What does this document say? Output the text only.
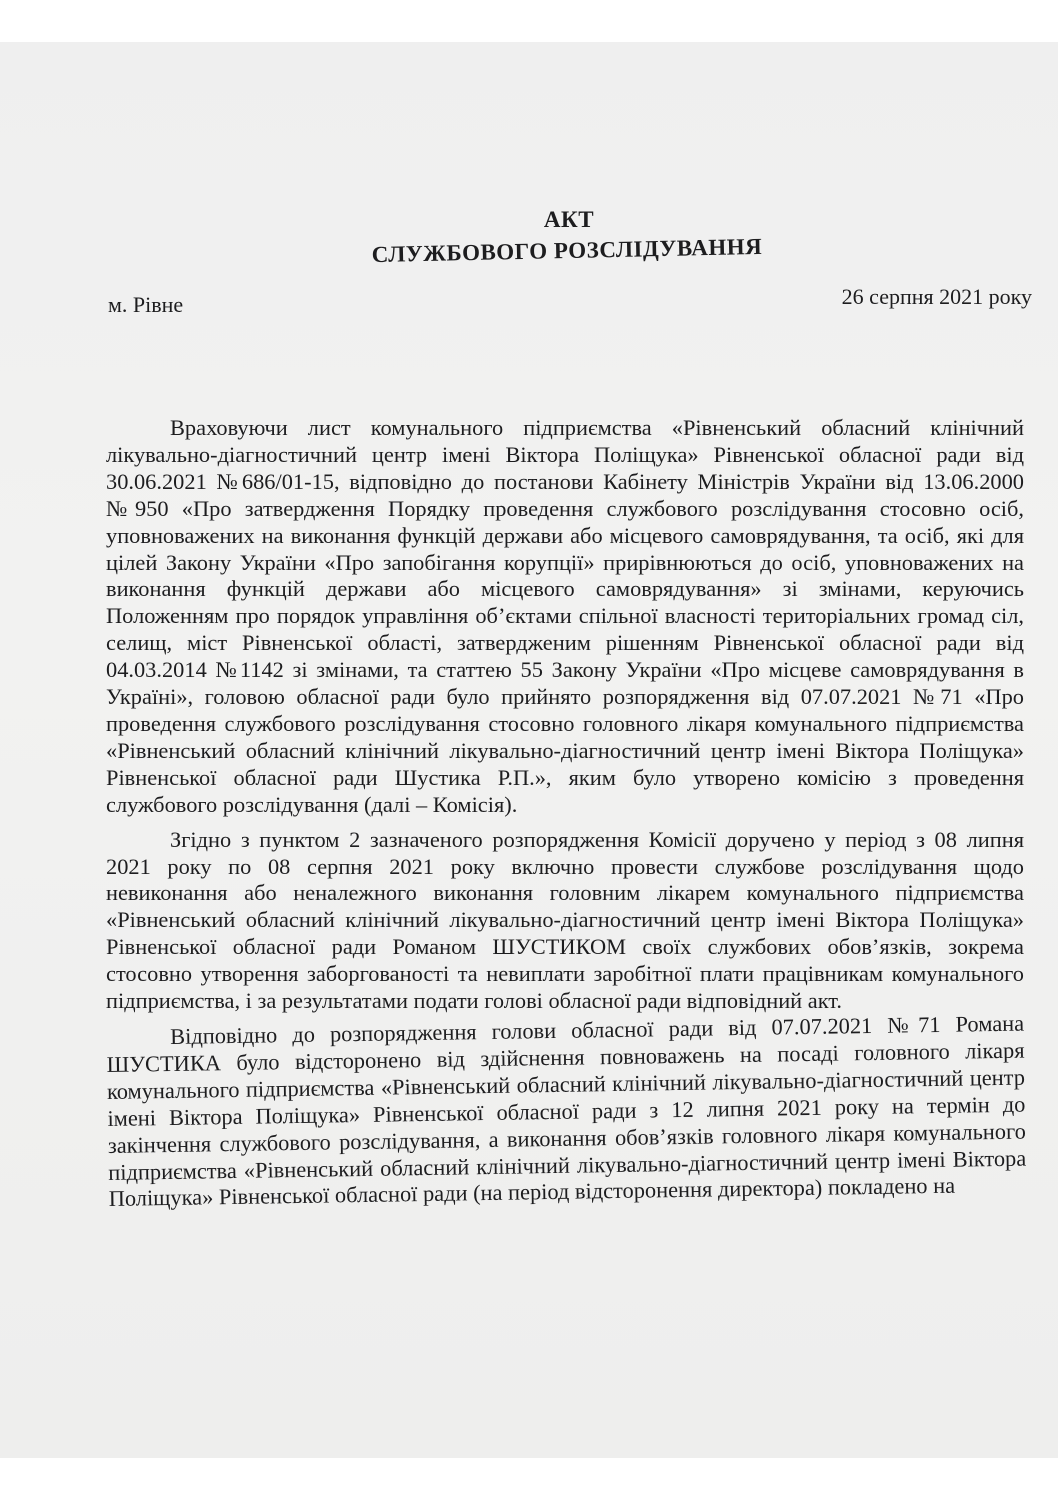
АКТ
СЛУЖБОВОГО РОЗСЛІДУВАННЯ
м. Рівне	26 серпня 2021 року

Враховуючи лист комунального підприємства «Рівненський обласний клінічний лікувально-діагностичний центр імені Віктора Поліщука» Рівненської обласної ради від 30.06.2021 №686/01-15, відповідно до постанови Кабінету Міністрів України від 13.06.2000 №950 «Про затвердження Порядку проведення службового розслідування стосовно осіб, уповноважених на виконання функцій держави або місцевого самоврядування, та осіб, які для цілей Закону України «Про запобігання корупції» прирівнюються до осіб, уповноважених на виконання функцій держави або місцевого самоврядування» зі змінами, керуючись Положенням про порядок управління об’єктами спільної власності територіальних громад сіл, селищ, міст Рівненської області, затвердженим рішенням Рівненської обласної ради від 04.03.2014 №1142 зі змінами, та статтею 55 Закону України «Про місцеве самоврядування в Україні», головою обласної ради було прийнято розпорядження від 07.07.2021 №71 «Про проведення службового розслідування стосовно головного лікаря комунального підприємства «Рівненський обласний клінічний лікувально-діагностичний центр імені Віктора Поліщука» Рівненської обласної ради Шустика Р.П.», яким було утворено комісію з проведення службового розслідування (далі – Комісія).

Згідно з пунктом 2 зазначеного розпорядження Комісії доручено у період з 08 липня 2021 року по 08 серпня 2021 року включно провести службове розслідування щодо невиконання або неналежного виконання головним лікарем комунального підприємства «Рівненський обласний клінічний лікувально-діагностичний центр імені Віктора Поліщука» Рівненської обласної ради Романом ШУСТИКОМ своїх службових обов’язків, зокрема стосовно утворення заборгованості та невиплати заробітної плати працівникам комунального підприємства, і за результатами подати голові обласної ради відповідний акт.

Відповідно до розпорядження голови обласної ради від 07.07.2021 №71 Романа ШУСТИКА було відсторонено від здійснення повноважень на посаді головного лікаря комунального підприємства «Рівненський обласний клінічний лікувально-діагностичний центр імені Віктора Поліщука» Рівненської обласної ради з 12 липня 2021 року на термін до закінчення службового розслідування, а виконання обов’язків головного лікаря комунального підприємства «Рівненський обласний клінічний лікувально-діагностичний центр імені Віктора Поліщука» Рівненської обласної ради (на період відсторонення директора) покладено на
